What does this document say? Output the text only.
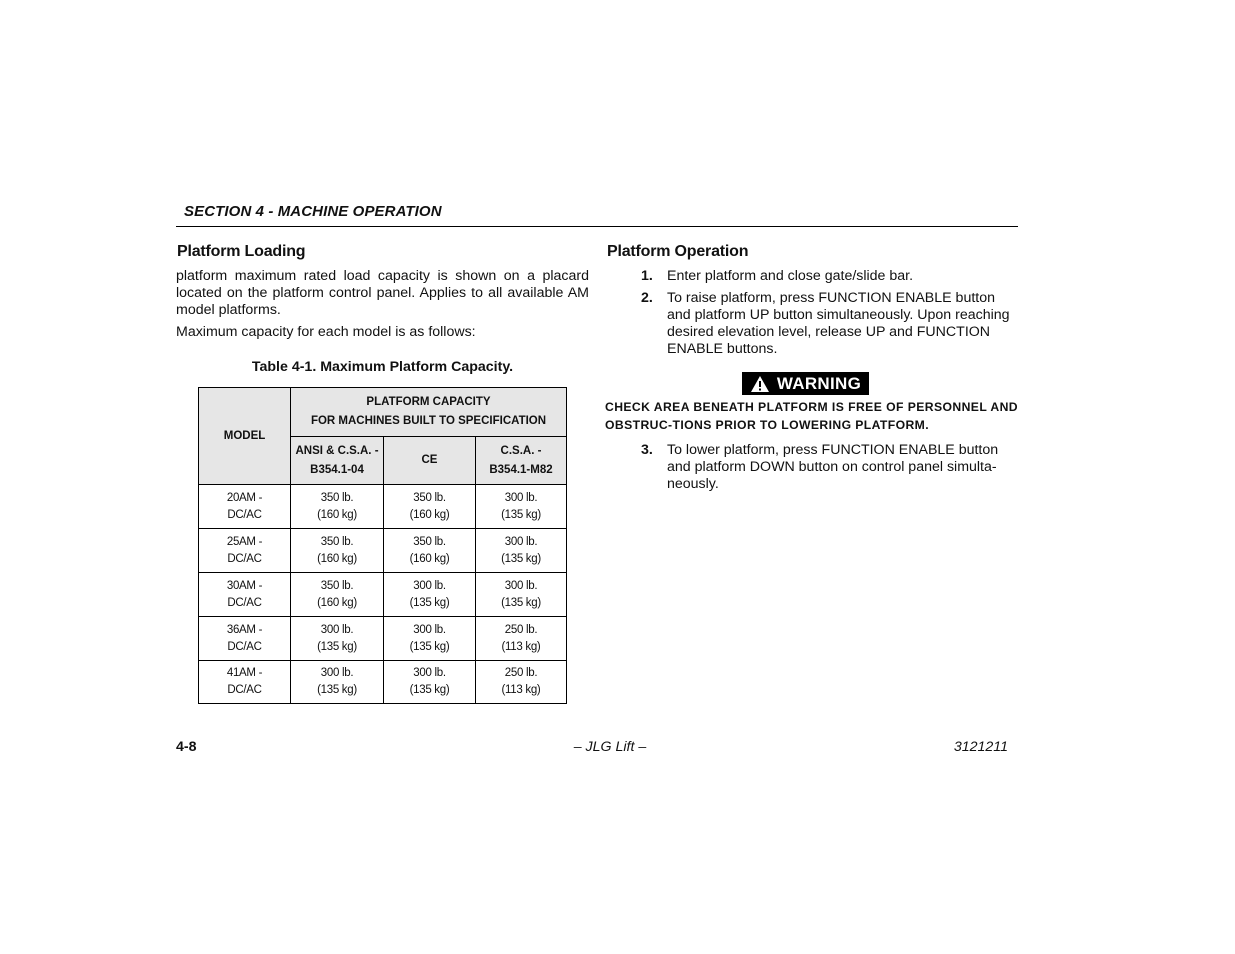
SECTION 4 - MACHINE OPERATION
Platform Loading
platform maximum rated load capacity is shown on a placard located on the platform control panel. Applies to all available AM model platforms.
Maximum capacity for each model is as follows:
Table 4-1. Maximum Platform Capacity.
MODEL	PLATFORM CAPACITY
FOR MACHINES BUILT TO SPECIFICATION		

	ANSI & C.S.A. -
B354.1-04	CE	C.S.A. -
B354.1-M82

20AM -
DC/AC	350 lb.
(160 kg)	350 lb.
(160 kg)	300 lb.
(135 kg)

25AM -
DC/AC	350 lb.
(160 kg)	350 lb.
(160 kg)	300 lb.
(135 kg)

30AM -
DC/AC	350 lb.
(160 kg)	300 lb.
(135 kg)	300 lb.
(135 kg)

36AM -
DC/AC	300 lb.
(135 kg)	300 lb.
(135 kg)	250 lb.
(113 kg)

41AM -
DC/AC	300 lb.
(135 kg)	300 lb.
(135 kg)	250 lb.
(113 kg)
Platform Operation
1. Enter platform and close gate/slide bar.
2. To raise platform, press FUNCTION ENABLE button and platform UP button simultaneously. Upon reaching desired elevation level, release UP and FUNCTION ENABLE buttons.
3. To lower platform, press FUNCTION ENABLE button and platform DOWN button on control panel simulta-neously.
WARNING
CHECK AREA BENEATH PLATFORM IS FREE OF PERSONNEL AND OBSTRUC-TIONS PRIOR TO LOWERING PLATFORM.
4-8	– JLG Lift –	3121211
